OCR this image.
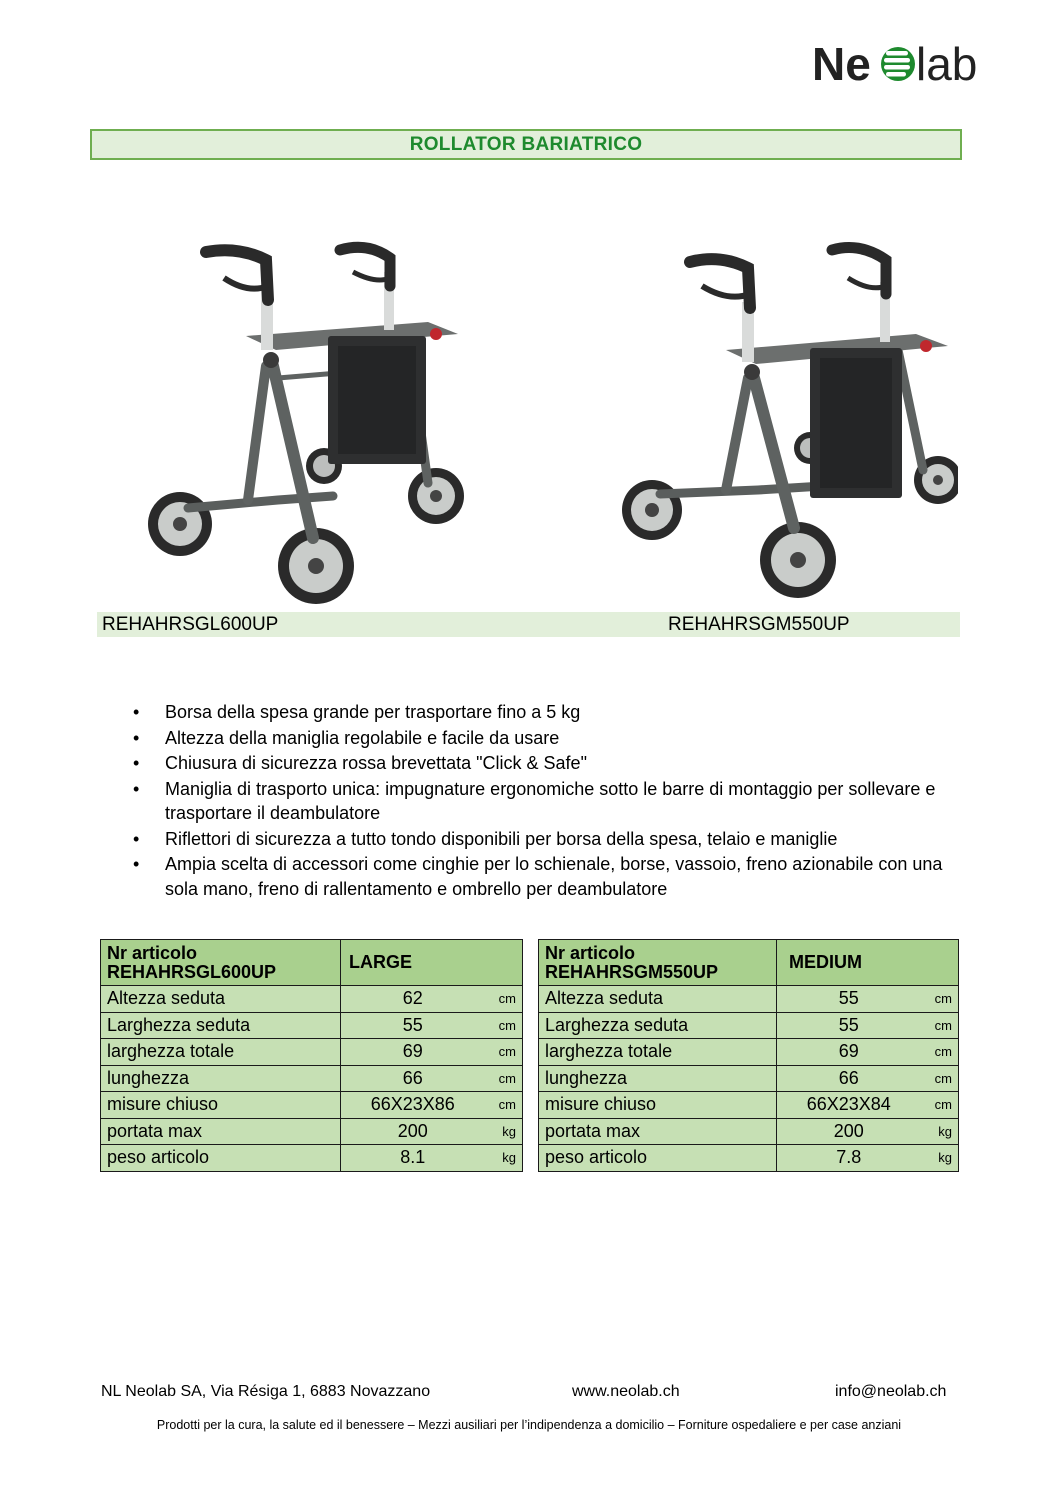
Ne lab
ROLLATOR BARIATRICO
REHAHRSGL600UP	REHAHRSGM550UP
• Borsa della spesa grande per trasportare fino a 5 kg
• Altezza della maniglia regolabile e facile da usare
• Chiusura di sicurezza rossa brevettata "Click & Safe"
• Maniglia di trasporto unica: impugnature ergonomiche sotto le barre di montaggio per sollevare e trasportare il deambulatore
• Riflettori di sicurezza a tutto tondo disponibili per borsa della spesa, telaio e maniglie
• Ampia scelta di accessori come cinghie per lo schienale, borse, vassoio, freno azionabile con una sola mano, freno di rallentamento e ombrello per deambulatore
Nr articolo
REHAHRSGL600UP	LARGE	
Altezza seduta	62	cm
Larghezza seduta	55	cm
larghezza totale	69	cm
lunghezza	66	cm
misure chiuso	66X23X86	cm
portata max	200	kg
peso articolo	8.1	kg
Nr articolo
REHAHRSGM550UP	MEDIUM	
Altezza seduta	55	cm
Larghezza seduta	55	cm
larghezza totale	69	cm
lunghezza	66	cm
misure chiuso	66X23X84	cm
portata max	200	kg
peso articolo	7.8	kg
NL Neolab SA, Via Résiga 1, 6883 Novazzano	www.neolab.ch	info@neolab.ch
Prodotti per la cura, la salute ed il benessere – Mezzi ausiliari per l’indipendenza a domicilio – Forniture ospedaliere e per case anziani
